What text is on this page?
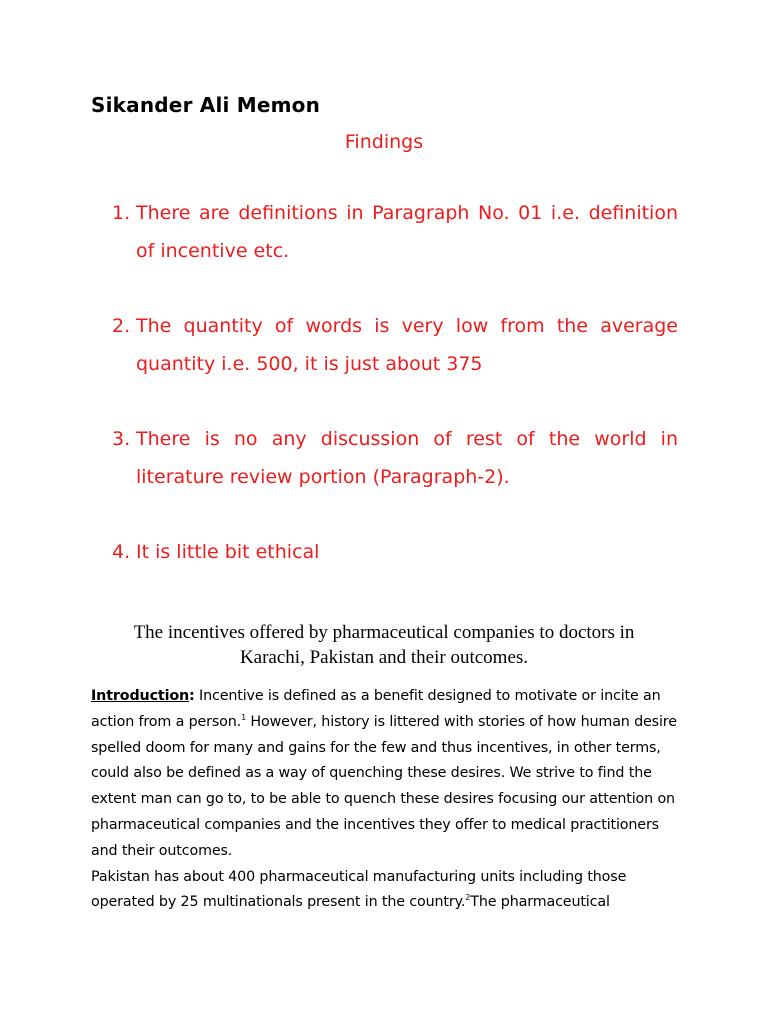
Sikander Ali Memon
Findings
1. There are definitions in Paragraph No. 01 i.e. definition of incentive etc.
2. The quantity of words is very low from the average quantity i.e. 500, it is just about 375
3. There is no any discussion of rest of the world in literature review portion (Paragraph-2).
4. It is little bit ethical
The incentives offered by pharmaceutical companies to doctors in
Karachi, Pakistan and their outcomes.

Introduction: Incentive is defined as a benefit designed to motivate or incite an action from a person.$^1$ However, history is littered with stories of how human desire spelled doom for many and gains for the few and thus incentives, in other terms, could also be defined as a way of quenching these desires. We strive to find the extent man can go to, to be able to quench these desires focusing our attention on pharmaceutical companies and the incentives they offer to medical practitioners and their outcomes.

Pakistan has about 400 pharmaceutical manufacturing units including those operated by 25 multinationals present in the country.$^2$The pharmaceutical
